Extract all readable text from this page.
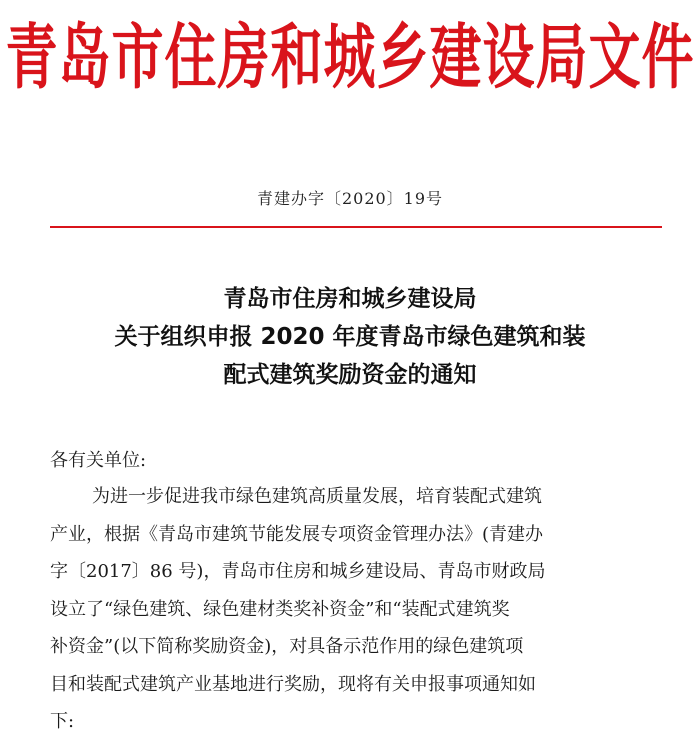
青岛市住房和城乡建设局文件
青建办字〔2020〕19号
青岛市住房和城乡建设局
关于组织申报 2020 年度青岛市绿色建筑和装
配式建筑奖励资金的通知
各有关单位:
为进一步促进我市绿色建筑高质量发展，培育装配式建筑
产业，根据《青岛市建筑节能发展专项资金管理办法》(青建办
字〔2017〕86 号)，青岛市住房和城乡建设局、青岛市财政局
设立了“绿色建筑、绿色建材类奖补资金”和“装配式建筑奖
补资金”(以下简称奖励资金)，对具备示范作用的绿色建筑项
目和装配式建筑产业基地进行奖励，现将有关申报事项通知如
下:
